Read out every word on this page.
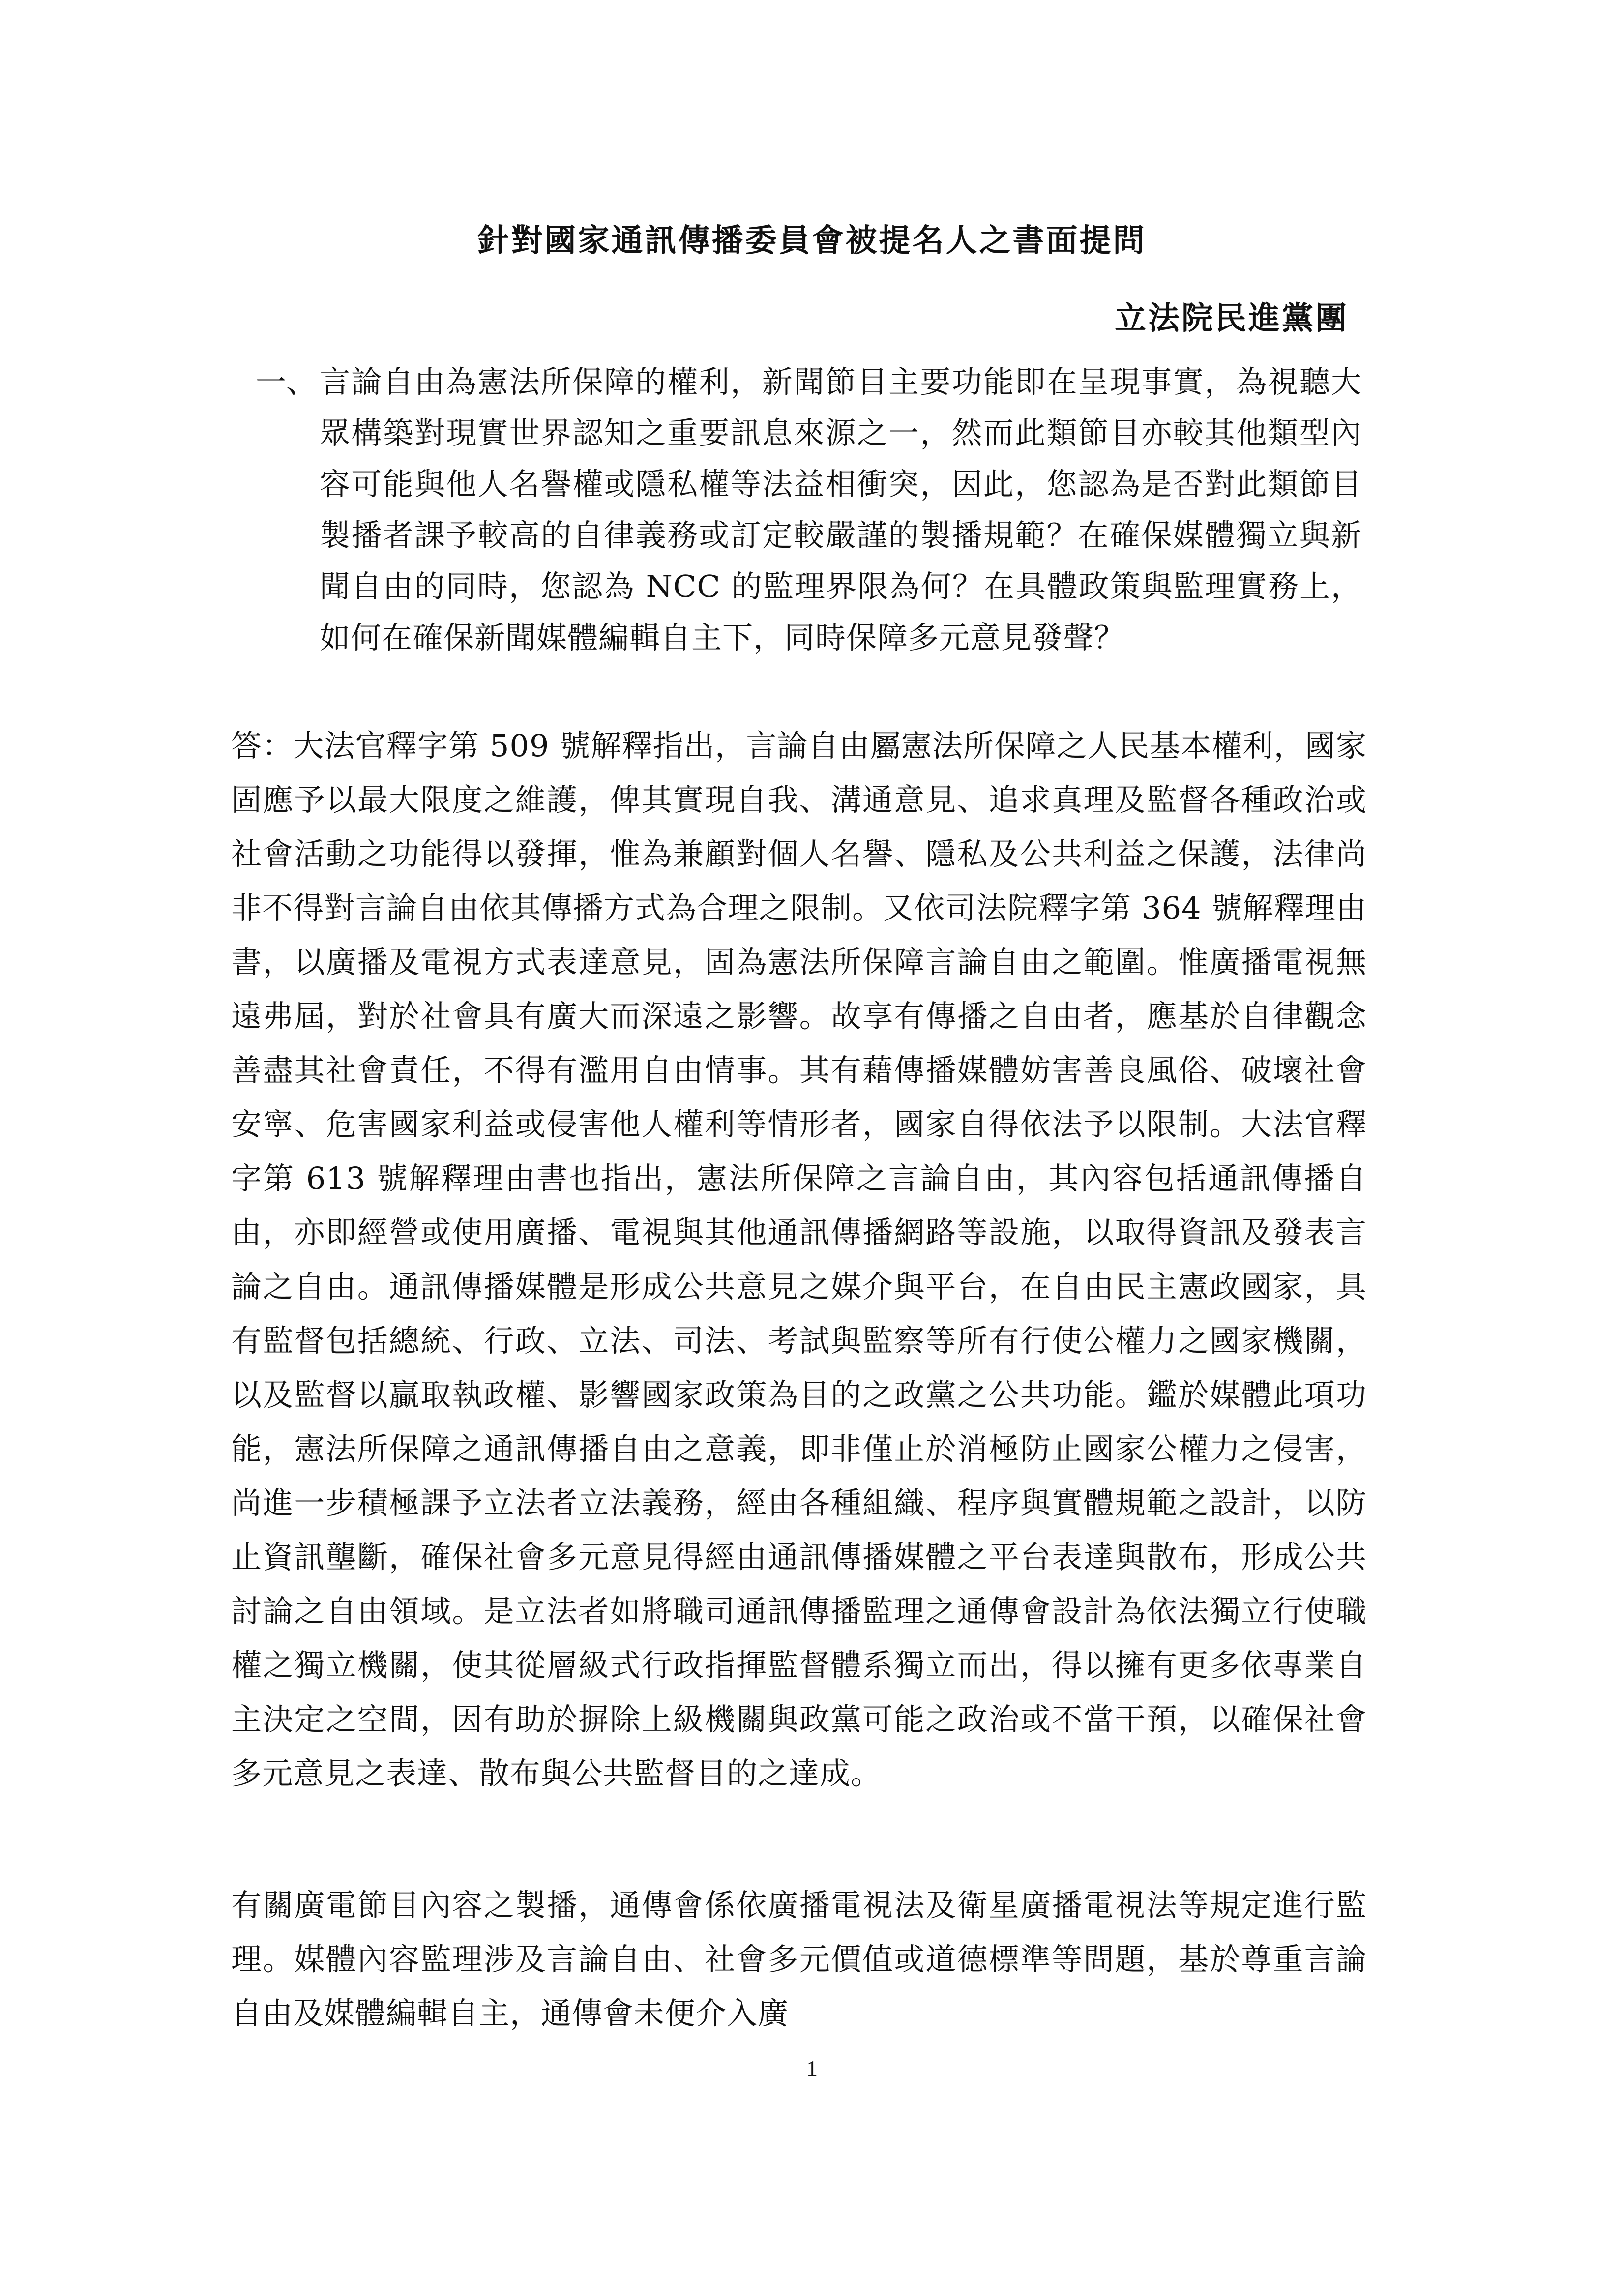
針對國家通訊傳播委員會被提名人之書面提問
立法院民進黨團
一、 言論自由為憲法所保障的權利，新聞節目主要功能即在呈現事實，為視聽大眾構築對現實世界認知之重要訊息來源之一，然而此類節目亦較其他類型內容可能與他人名譽權或隱私權等法益相衝突，因此，您認為是否對此類節目製播者課予較高的自律義務或訂定較嚴謹的製播規範？在確保媒體獨立與新聞自由的同時，您認為 NCC 的監理界限為何？在具體政策與監理實務上，如何在確保新聞媒體編輯自主下，同時保障多元意見發聲？
答：大法官釋字第 509 號解釋指出，言論自由屬憲法所保障之人民基本權利，國家固應予以最大限度之維護，俾其實現自我、溝通意見、追求真理及監督各種政治或社會活動之功能得以發揮，惟為兼顧對個人名譽、隱私及公共利益之保護，法律尚非不得對言論自由依其傳播方式為合理之限制。又依司法院釋字第 364 號解釋理由書，以廣播及電視方式表達意見，固為憲法所保障言論自由之範圍。惟廣播電視無遠弗屆，對於社會具有廣大而深遠之影響。故享有傳播之自由者，應基於自律觀念善盡其社會責任，不得有濫用自由情事。其有藉傳播媒體妨害善良風俗、破壞社會安寧、危害國家利益或侵害他人權利等情形者，國家自得依法予以限制。大法官釋字第 613 號解釋理由書也指出，憲法所保障之言論自由，其內容包括通訊傳播自由，亦即經營或使用廣播、電視與其他通訊傳播網路等設施，以取得資訊及發表言論之自由。通訊傳播媒體是形成公共意見之媒介與平台，在自由民主憲政國家，具有監督包括總統、行政、立法、司法、考試與監察等所有行使公權力之國家機關，以及監督以贏取執政權、影響國家政策為目的之政黨之公共功能。鑑於媒體此項功能，憲法所保障之通訊傳播自由之意義，即非僅止於消極防止國家公權力之侵害，尚進一步積極課予立法者立法義務，經由各種組織、程序與實體規範之設計，以防止資訊壟斷，確保社會多元意見得經由通訊傳播媒體之平台表達與散布，形成公共討論之自由領域。是立法者如將職司通訊傳播監理之通傳會設計為依法獨立行使職權之獨立機關，使其從層級式行政指揮監督體系獨立而出，得以擁有更多依專業自主決定之空間，因有助於摒除上級機關與政黨可能之政治或不當干預，以確保社會多元意見之表達、散布與公共監督目的之達成。
有關廣電節目內容之製播，通傳會係依廣播電視法及衛星廣播電視法等規定進行監理。媒體內容監理涉及言論自由、社會多元價值或道德標準等問題，基於尊重言論自由及媒體編輯自主，通傳會未便介入廣
1
